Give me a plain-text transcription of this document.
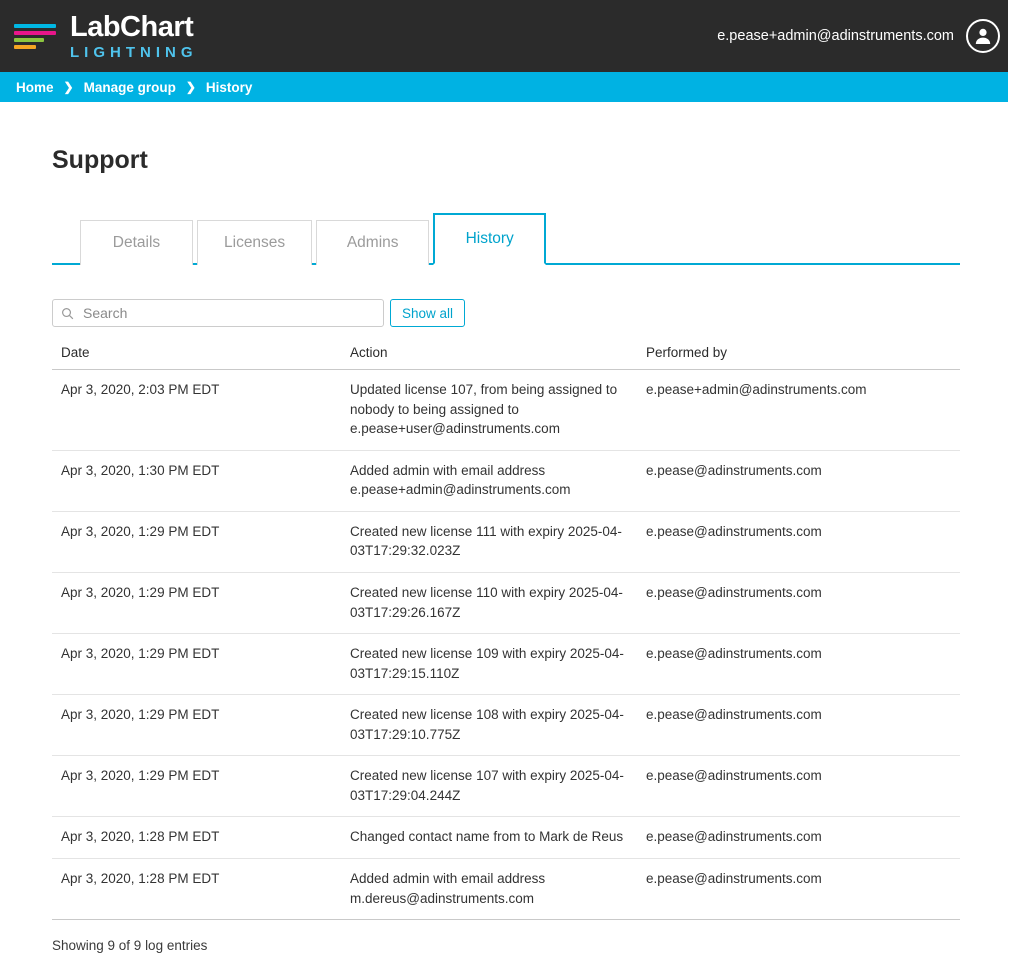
LabChart
LIGHTNING
e.pease+admin@adinstruments.com
Home ❯ Manage group ❯ History
Support
Details	Licenses	Admins	History
Search
Show all
Date	Action	Performed by
Apr 3, 2020, 2:03 PM EDT	Updated license 107, from being assigned to nobody to being assigned to e.pease+user@adinstruments.com	e.pease+admin@adinstruments.com
Apr 3, 2020, 1:30 PM EDT	Added admin with email address e.pease+admin@adinstruments.com	e.pease@adinstruments.com
Apr 3, 2020, 1:29 PM EDT	Created new license 111 with expiry 2025-04-03T17:29:32.023Z	e.pease@adinstruments.com
Apr 3, 2020, 1:29 PM EDT	Created new license 110 with expiry 2025-04-03T17:29:26.167Z	e.pease@adinstruments.com
Apr 3, 2020, 1:29 PM EDT	Created new license 109 with expiry 2025-04-03T17:29:15.110Z	e.pease@adinstruments.com
Apr 3, 2020, 1:29 PM EDT	Created new license 108 with expiry 2025-04-03T17:29:10.775Z	e.pease@adinstruments.com
Apr 3, 2020, 1:29 PM EDT	Created new license 107 with expiry 2025-04-03T17:29:04.244Z	e.pease@adinstruments.com
Apr 3, 2020, 1:28 PM EDT	Changed contact name from to Mark de Reus	e.pease@adinstruments.com
Apr 3, 2020, 1:28 PM EDT	Added admin with email address m.dereus@adinstruments.com	e.pease@adinstruments.com
Showing 9 of 9 log entries
